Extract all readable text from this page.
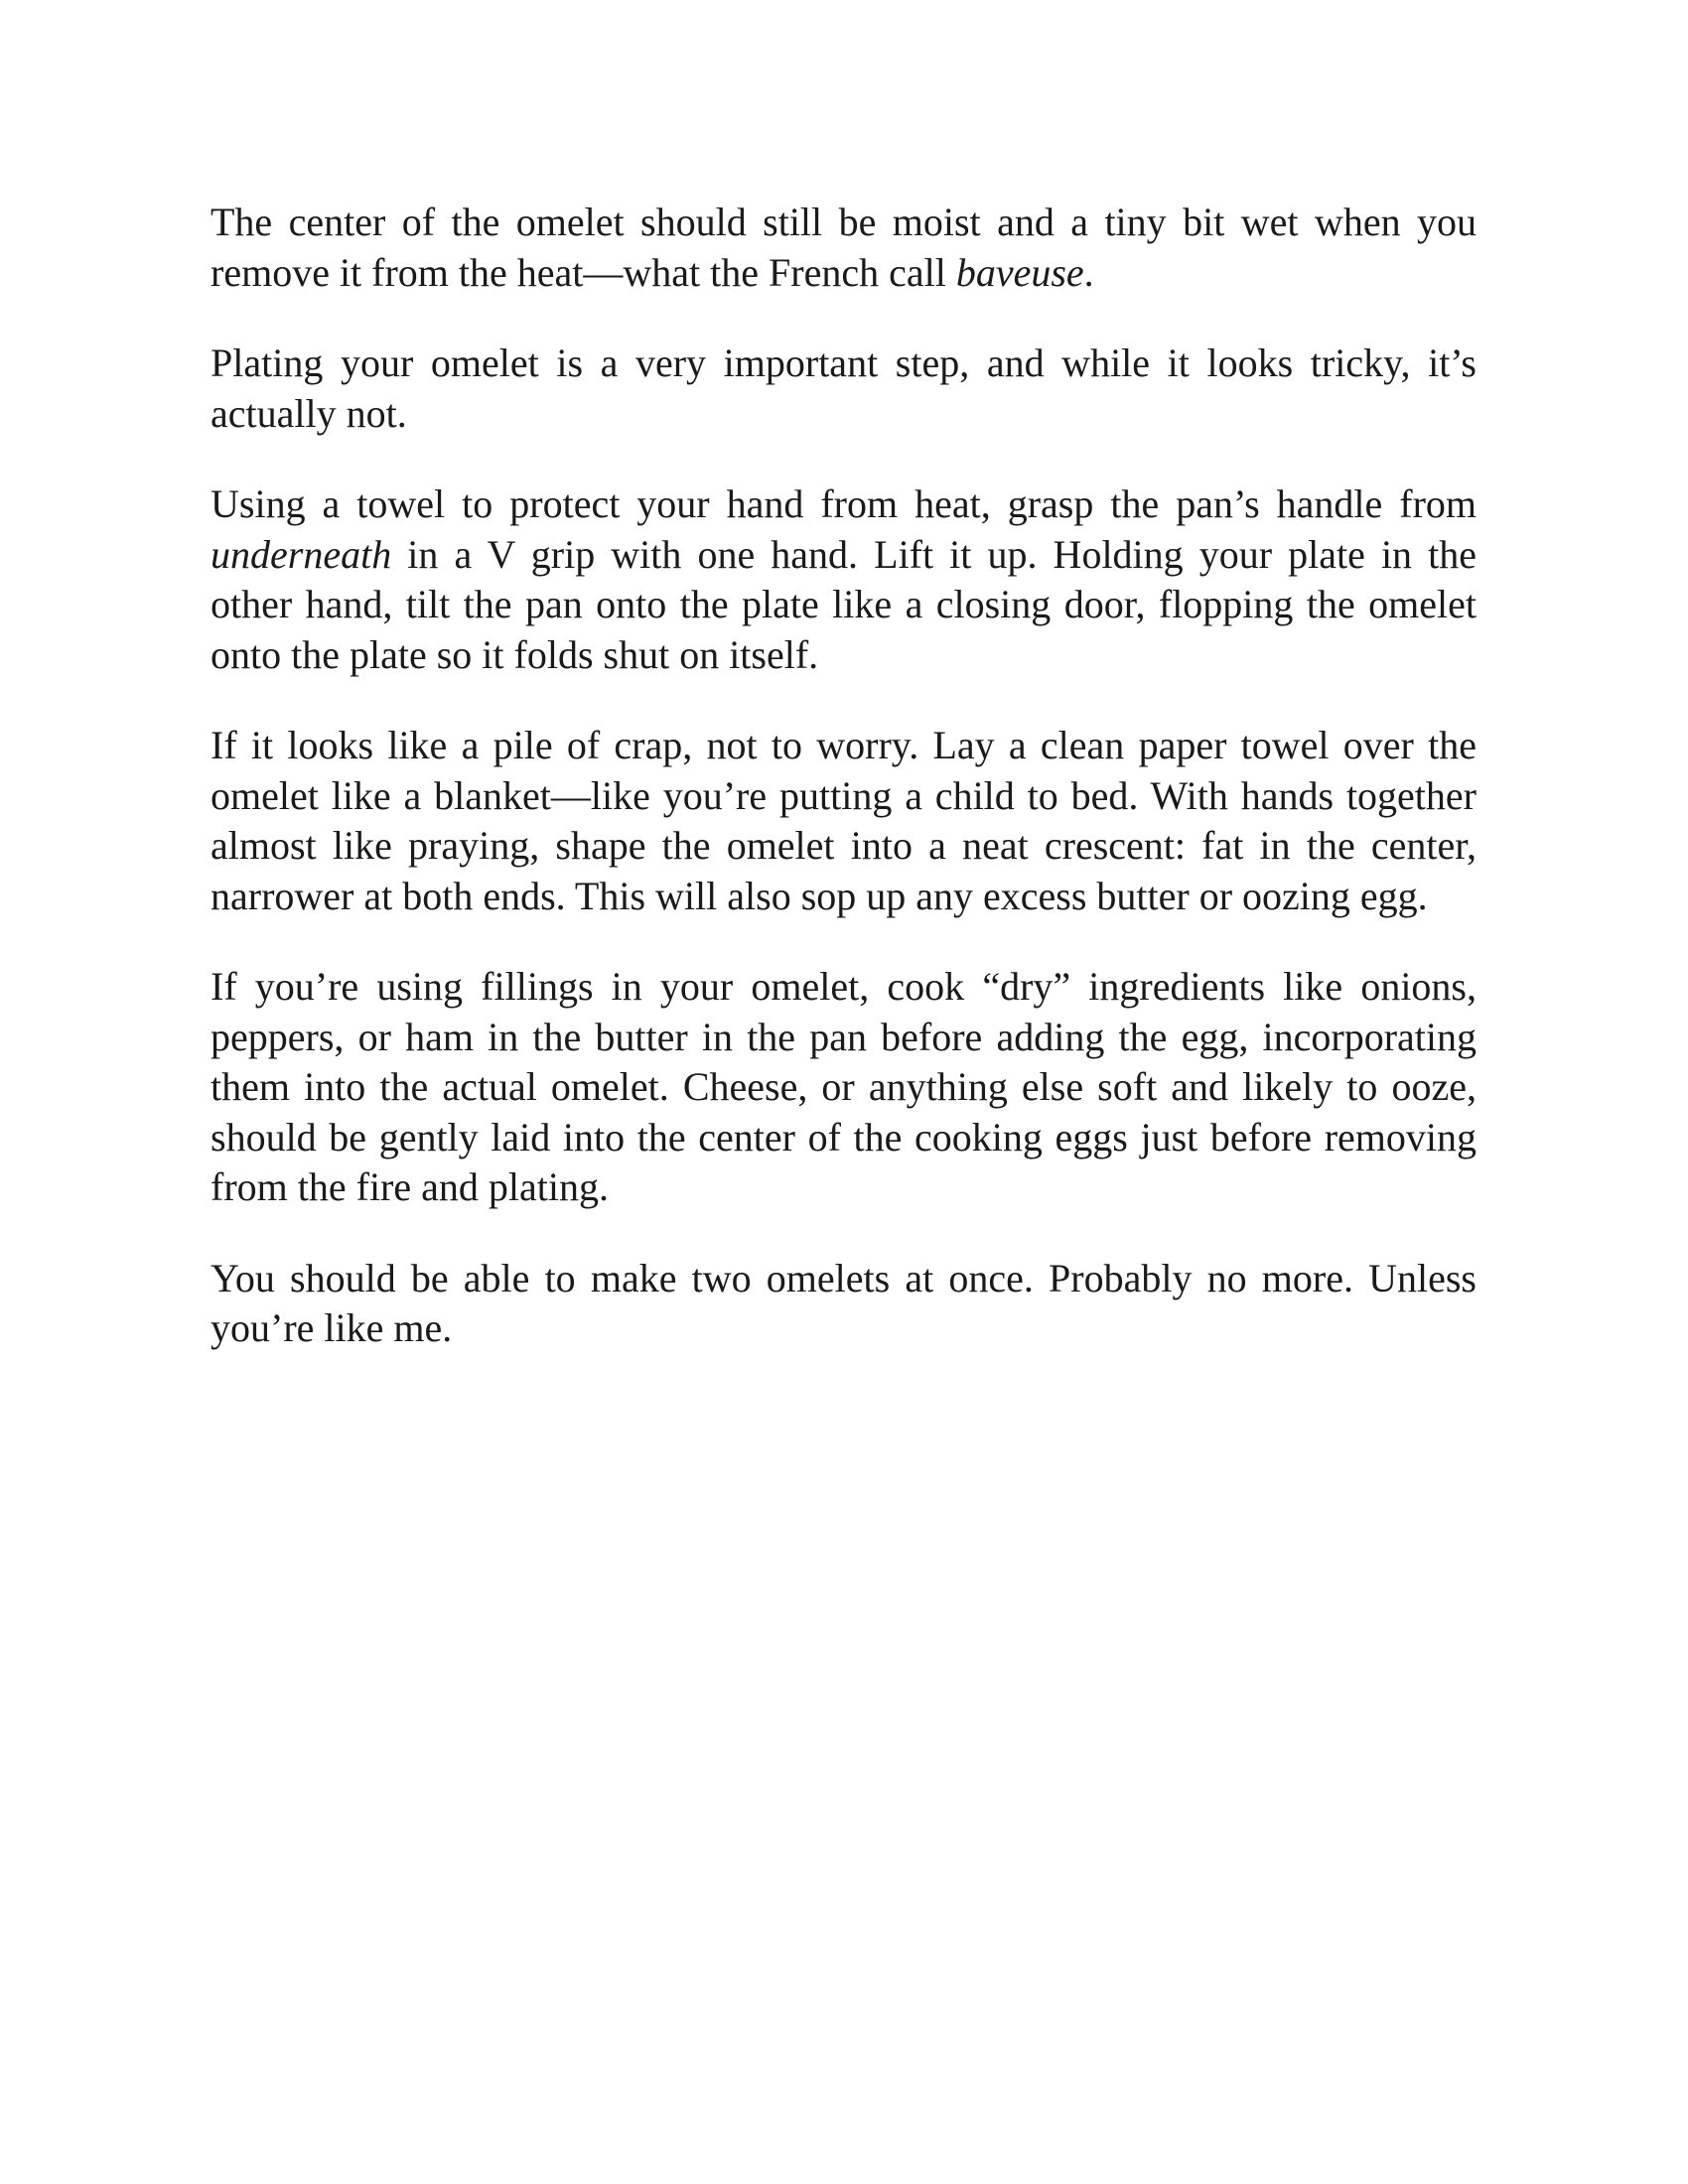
The center of the omelet should still be moist and a tiny bit wet when you remove it from the heat—what the French call baveuse.

Plating your omelet is a very important step, and while it looks tricky, it’s actually not.

Using a towel to protect your hand from heat, grasp the pan’s handle from underneath in a V grip with one hand. Lift it up. Holding your plate in the other hand, tilt the pan onto the plate like a closing door, flopping the omelet onto the plate so it folds shut on itself.

If it looks like a pile of crap, not to worry. Lay a clean paper towel over the omelet like a blanket—like you’re putting a child to bed. With hands together almost like praying, shape the omelet into a neat crescent: fat in the center, narrower at both ends. This will also sop up any excess butter or oozing egg.

If you’re using fillings in your omelet, cook “dry” ingredients like onions, peppers, or ham in the butter in the pan before adding the egg, incorporating them into the actual omelet. Cheese, or anything else soft and likely to ooze, should be gently laid into the center of the cooking eggs just before removing from the fire and plating.

You should be able to make two omelets at once. Probably no more. Unless you’re like me.
